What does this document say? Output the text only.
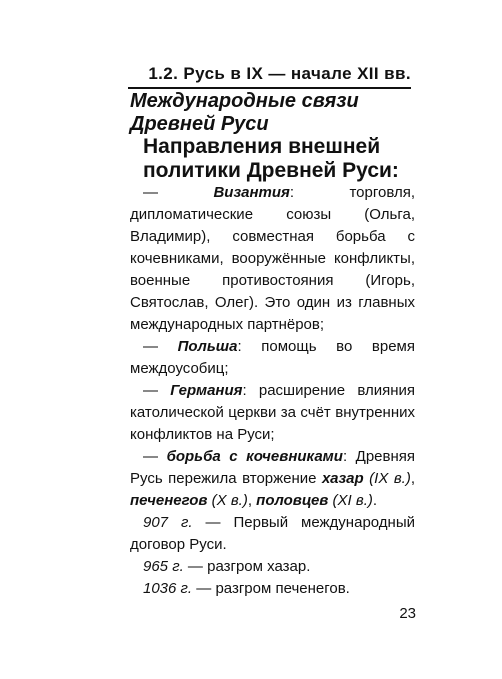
1.2. Русь в IX — начале XII вв.
Международные связи Древней Руси
Направления внешней политики Древней Руси:

— Византия: торговля, дипломатические союзы (Ольга, Владимир), совместная борьба с кочевниками, вооружённые конфликты, военные противостояния (Игорь, Святослав, Олег). Это один из главных международных партнёров;

— Польша: помощь во время междоусобиц;

— Германия: расширение влияния католической церкви за счёт внутренних конфликтов на Руси;

— борьба с кочевниками: Древняя Русь пережила вторжение хазар (IX в.), печенегов (X в.), половцев (XI в.).

907 г. — Первый международный договор Руси.

965 г. — разгром хазар.

1036 г. — разгром печенегов.

23
